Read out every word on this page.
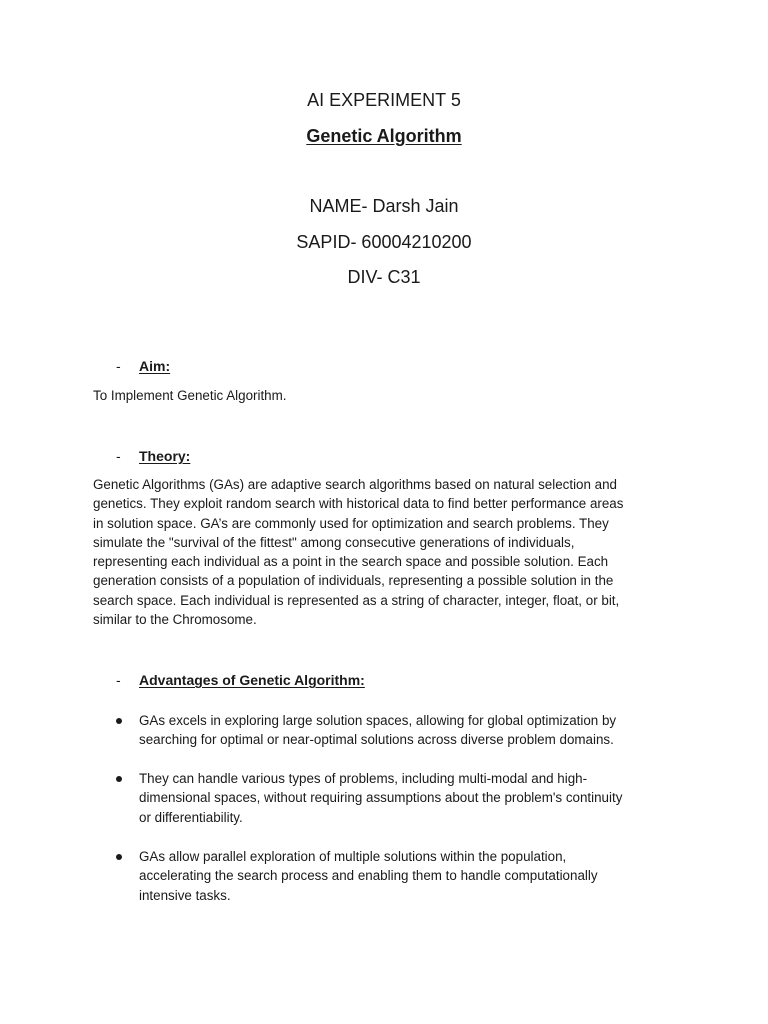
AI EXPERIMENT 5
Genetic Algorithm
NAME- Darsh Jain
SAPID- 60004210200
DIV- C31
- Aim:
To Implement Genetic Algorithm.
- Theory:
Genetic Algorithms (GAs) are adaptive search algorithms based on natural selection and
genetics. They exploit random search with historical data to find better performance areas
in solution space. GA’s are commonly used for optimization and search problems. They
simulate the "survival of the fittest" among consecutive generations of individuals,
representing each individual as a point in the search space and possible solution. Each
generation consists of a population of individuals, representing a possible solution in the
search space. Each individual is represented as a string of character, integer, float, or bit,
similar to the Chromosome.
- Advantages of Genetic Algorithm:
GAs excels in exploring large solution spaces, allowing for global optimization by
searching for optimal or near-optimal solutions across diverse problem domains.
They can handle various types of problems, including multi-modal and high-
dimensional spaces, without requiring assumptions about the problem's continuity
or differentiability.
GAs allow parallel exploration of multiple solutions within the population,
accelerating the search process and enabling them to handle computationally
intensive tasks.
